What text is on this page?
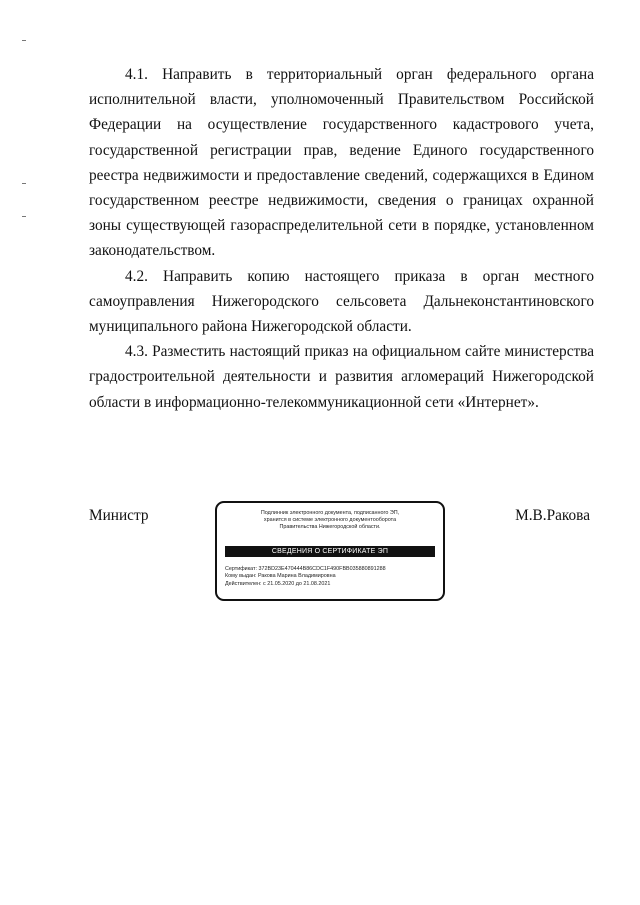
4.1. Направить в территориальный орган федерального органа исполнительной власти, уполномоченный Правительством Российской Федерации на осуществление государственного кадастрового учета, государственной регистрации прав, ведение Единого государственного реестра недвижимости и предоставление сведений, содержащихся в Едином государственном реестре недвижимости, сведения о границах охранной зоны существующей газораспределительной сети в порядке, установленном законодательством.

4.2. Направить копию настоящего приказа в орган местного самоуправления Нижегородского сельсовета Дальнеконстантиновского муниципального района Нижегородской области.

4.3. Разместить настоящий приказ на официальном сайте министерства градостроительной деятельности и развития агломераций Нижегородской области в информационно-телекоммуникационной сети «Интернет».

Министр	М.В.Ракова
Подлинник электронного документа, подписанного ЭП,
хранится в системе электронного документооборота
Правительства Нижегородской области.
СВЕДЕНИЯ О СЕРТИФИКАТЕ ЭП
Сертификат: 372BD23E470444B86CDC1F490FBB035880891288
Кому выдан: Ракова Марина Владимировна
Действителен: с 21.05.2020 до 21.08.2021
